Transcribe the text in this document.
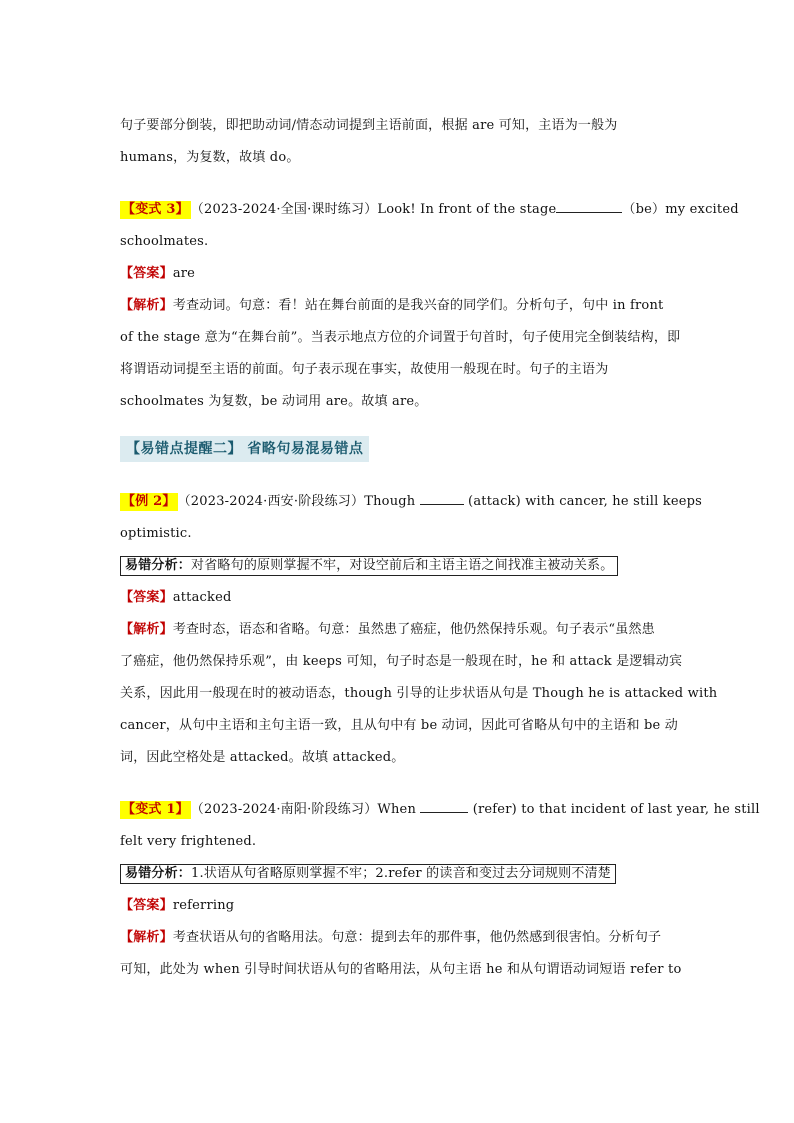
句子要部分倒装，即把助动词/情态动词提到主语前面，根据 are 可知，主语为一般为
humans，为复数，故填 do。
【变式 3】 （2023-2024·全国·课时练习）Look! In front of the stage	（be）my excited
schoolmates.
【答案】are
【解析】考查动词。句意：看！站在舞台前面的是我兴奋的同学们。分析句子，句中 in front
of the stage 意为“在舞台前”。当表示地点方位的介词置于句首时，句子使用完全倒装结构，即
将谓语动词提至主语的前面。句子表示现在事实，故使用一般现在时。句子的主语为
schoolmates 为复数，be 动词用 are。故填 are。
【易错点提醒二】 省略句易混易错点
【例 2】 （2023-2024·西安·阶段练习）Though	(attack) with cancer, he still keeps
optimistic.
易错分析：对省略句的原则掌握不牢，对设空前后和主语主语之间找准主被动关系。
【答案】attacked
【解析】考查时态，语态和省略。句意：虽然患了癌症，他仍然保持乐观。句子表示“虽然患
了癌症，他仍然保持乐观”，由 keeps 可知，句子时态是一般现在时，he 和 attack 是逻辑动宾
关系，因此用一般现在时的被动语态，though 引导的让步状语从句是 Though he is attacked with
cancer，从句中主语和主句主语一致，且从句中有 be 动词，因此可省略从句中的主语和 be 动
词，因此空格处是 attacked。故填 attacked。
【变式 1】 （2023-2024·南阳·阶段练习）When	(refer) to that incident of last year, he still
felt very frightened.
易错分析：1.状语从句省略原则掌握不牢；2.refer 的读音和变过去分词规则不清楚
【答案】referring
【解析】考查状语从句的省略用法。句意：提到去年的那件事，他仍然感到很害怕。分析句子
可知，此处为 when 引导时间状语从句的省略用法，从句主语 he 和从句谓语动词短语 refer to
